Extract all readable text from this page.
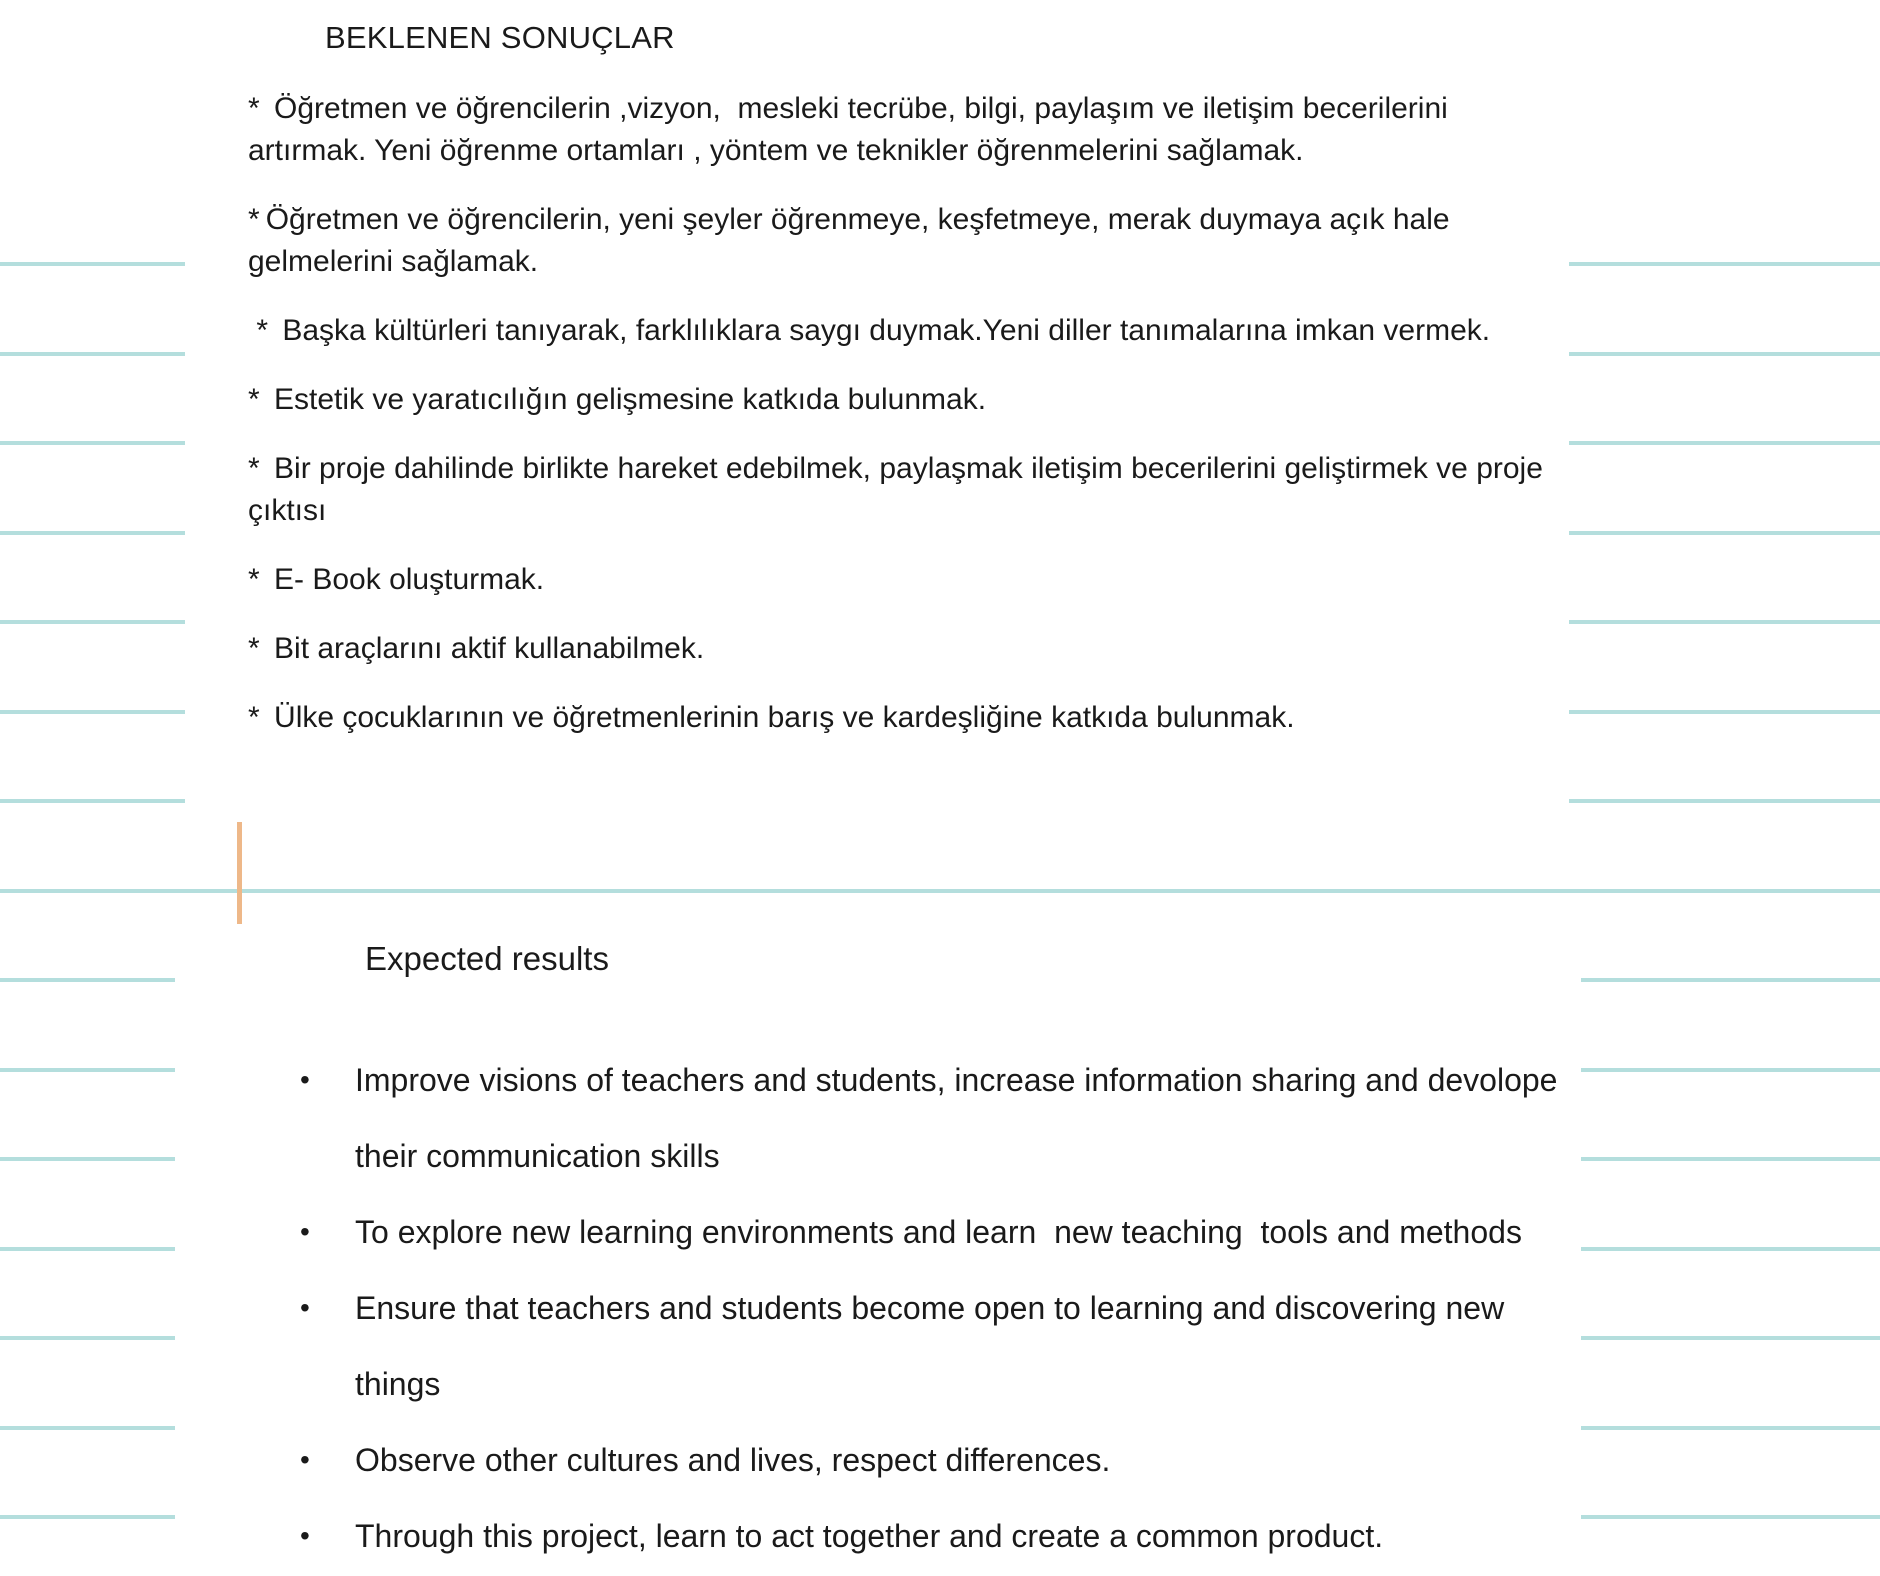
BEKLENEN SONUÇLAR
* Öğretmen ve öğrencilerin ,vizyon,  mesleki tecrübe, bilgi, paylaşım ve iletişim becerilerini artırmak. Yeni öğrenme ortamları , yöntem ve teknikler öğrenmelerini sağlamak.
* Öğretmen ve öğrencilerin, yeni şeyler öğrenmeye, keşfetmeye, merak duymaya açık hale gelmelerini sağlamak.
* Başka kültürleri tanıyarak, farklılıklara saygı duymak.Yeni diller tanımalarına imkan vermek.
* Estetik ve yaratıcılığın gelişmesine katkıda bulunmak.
* Bir proje dahilinde birlikte hareket edebilmek, paylaşmak iletişim becerilerini geliştirmek ve proje çıktısı
* E- Book oluşturmak.
* Bit araçlarını aktif kullanabilmek.
* Ülke çocuklarının ve öğretmenlerinin barış ve kardeşliğine katkıda bulunmak.
Expected results
• Improve visions of teachers and students, increase information sharing and devolope their communication skills
• To explore new learning environments and learn  new teaching  tools and methods
• Ensure that teachers and students become open to learning and discovering new things
• Observe other cultures and lives, respect differences.
• Through this project, learn to act together and create a common product.
